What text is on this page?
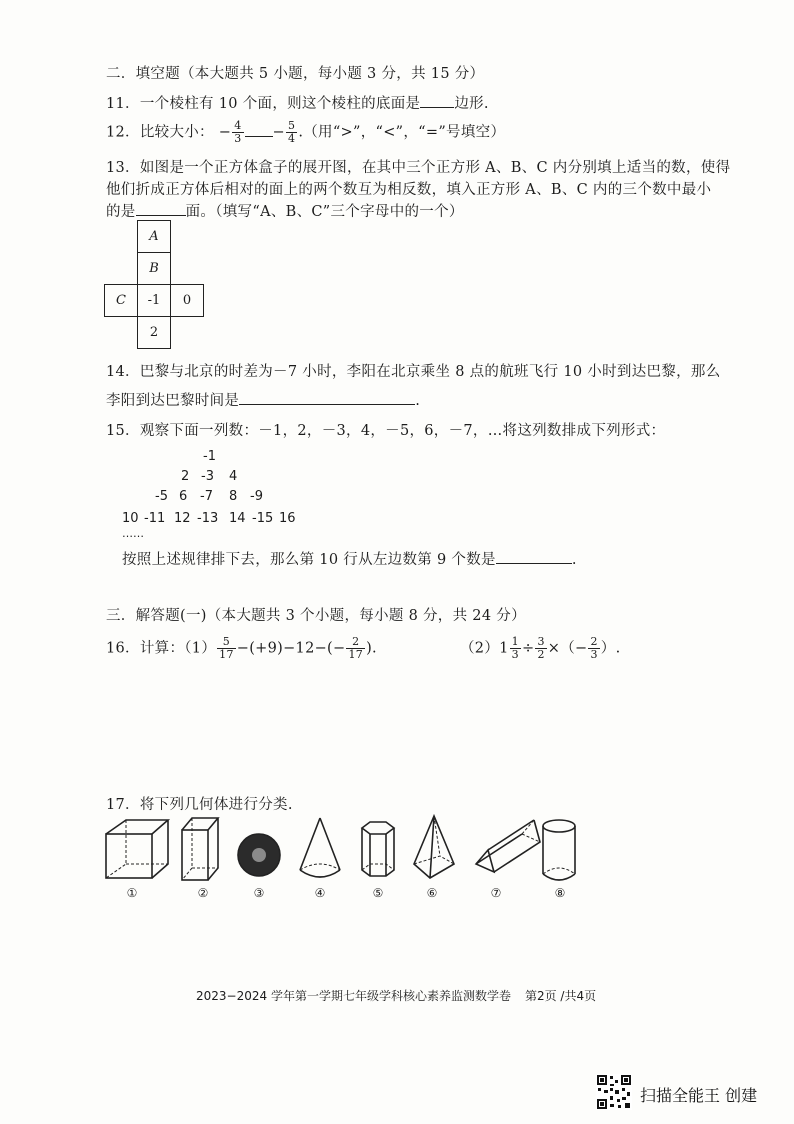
二．填空题（本大题共 5 小题，每小题 3 分，共 15 分）
11．一个棱柱有 10 个面，则这个棱柱的底面是 边形.
12．比较大小： − $\frac{4}{3} - \frac{5}{4}$ .（用“>”，“<”，“=”号填空）
13．如图是一个正方体盒子的展开图，在其中三个正方形 A、B、C 内分别填上适当的数，使得
他们折成正方体后相对的面上的两个数互为相反数，填入正方形 A、B、C 内的三个数中最小
的是	面。（填写“A、B、C”三个字母中的一个）
A
B
C	-1	0
2
14．巴黎与北京的时差为－7 小时，李阳在北京乘坐 8 点的航班飞行 10 小时到达巴黎，那么
李阳到达巴黎时间是	.
15．观察下面一列数：－1，2，－3，4，－5，6，－7，…将这列数排成下列形式：
-1
2 -3 4
-5 6 -7 8 -9
10 -11 12 -13 14 -15 16
……
按照上述规律排下去，那么第 10 行从左边数第 9 个数是	.
三．解答题(一)（本大题共 3 个小题，每小题 8 分，共 24 分）
16．计算：$(1) \frac{5}{17} -(+9)-12-(- \frac{2}{17}$ ).	$(2)1 \frac{1}{3} \div \frac{3}{2}$ ×（− $\frac{2}{3}$ ）.
17．将下列几何体进行分类.
①	②	③	④	⑤	⑥	⑦	⑧
2023−2024 学年第一学期七年级学科核心素养监测数学卷 第2页 /共4页
扫描全能王 创建
